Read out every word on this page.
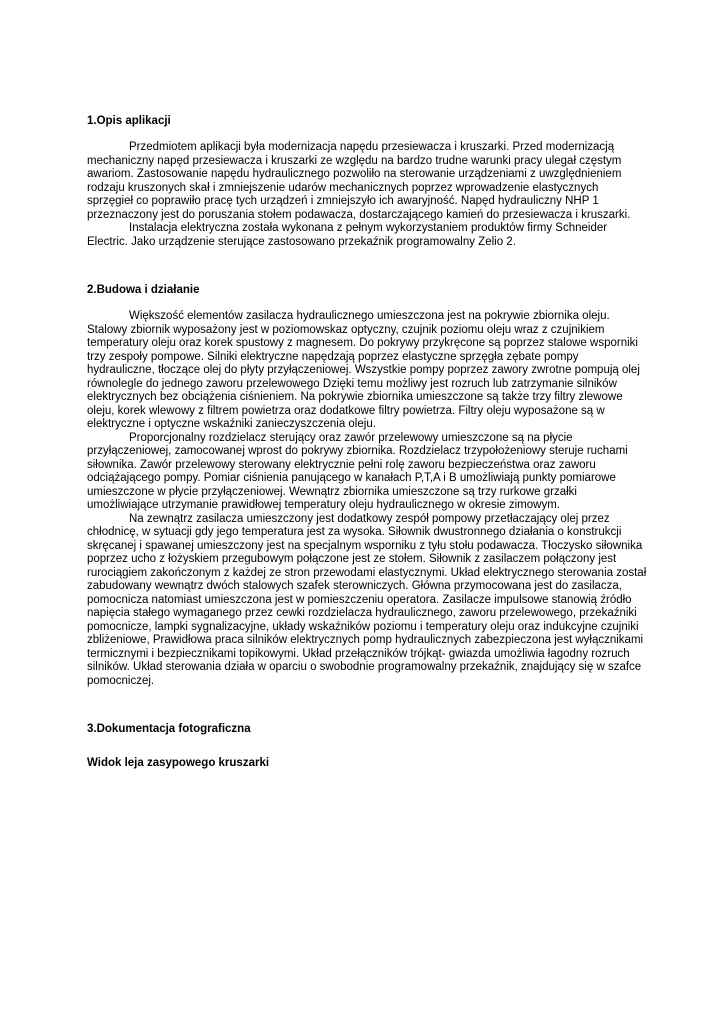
1.Opis aplikacji

Przedmiotem aplikacji była modernizacja napędu przesiewacza i kruszarki. Przed modernizacją mechaniczny napęd przesiewacza i kruszarki ze względu na bardzo trudne warunki pracy ulegał częstym awariom. Zastosowanie napędu hydraulicznego pozwoliło na sterowanie urządzeniami z uwzględnieniem rodzaju kruszonych skał i zmniejszenie udarów mechanicznych poprzez wprowadzenie elastycznych sprzęgieł co poprawiło pracę tych urządzeń i zmniejszyło ich awaryjność. Napęd hydrauliczny NHP 1 przeznaczony jest do poruszania stołem podawacza, dostarczającego kamień do przesiewacza i kruszarki.

Instalacja elektryczna została wykonana z pełnym wykorzystaniem produktów firmy Schneider Electric. Jako urządzenie sterujące zastosowano przekaźnik programowalny Zelio 2.

2.Budowa i działanie

Większość elementów zasilacza hydraulicznego umieszczona jest na pokrywie zbiornika oleju. Stalowy zbiornik wyposażony jest w poziomowskaz optyczny, czujnik poziomu oleju wraz z czujnikiem temperatury oleju oraz korek spustowy z magnesem. Do pokrywy przykręcone są poprzez stalowe wsporniki trzy zespoły pompowe. Silniki elektryczne napędzają poprzez elastyczne sprzęgła zębate pompy hydrauliczne, tłoczące olej do płyty przyłączeniowej. Wszystkie pompy poprzez zawory zwrotne pompują olej równolegle do jednego zaworu przelewowego Dzięki temu możliwy jest rozruch lub zatrzymanie silników elektrycznych bez obciążenia ciśnieniem. Na pokrywie zbiornika umieszczone są także trzy filtry zlewowe oleju, korek wlewowy z filtrem powietrza oraz dodatkowe filtry powietrza. Filtry oleju wyposażone są w elektryczne i optyczne wskaźniki zanieczyszczenia oleju.

Proporcjonalny rozdzielacz sterujący oraz zawór przelewowy umieszczone są na płycie przyłączeniowej, zamocowanej wprost do pokrywy zbiornika. Rozdzielacz trzypołożeniowy steruje ruchami siłownika. Zawór przelewowy sterowany elektrycznie pełni rolę zaworu bezpieczeństwa oraz zaworu odciążającego pompy. Pomiar ciśnienia panującego w kanałach P,T,A i B umożliwiają punkty pomiarowe umieszczone w płycie przyłączeniowej. Wewnątrz zbiornika umieszczone są trzy rurkowe grzałki umożliwiające utrzymanie prawidłowej temperatury oleju hydraulicznego w okresie zimowym.

Na zewnątrz zasilacza umieszczony jest dodatkowy zespół pompowy przetłaczający olej przez chłodnicę, w sytuacji gdy jego temperatura jest za wysoka. Siłownik dwustronnego działania o konstrukcji skręcanej i spawanej umieszczony jest na specjalnym wsporniku z tyłu stołu podawacza. Tłoczysko siłownika poprzez ucho z łożyskiem przegubowym połączone jest ze stołem. Siłownik z zasilaczem połączony jest rurociągiem zakończonym z każdej ze stron przewodami elastycznymi. Układ elektrycznego sterowania został zabudowany wewnątrz dwóch stalowych szafek sterowniczych. Główna przymocowana jest do zasilacza, pomocnicza natomiast umieszczona jest w pomieszczeniu operatora. Zasilacze impulsowe stanowią źródło napięcia stałego wymaganego przez cewki rozdzielacza hydraulicznego, zaworu przelewowego, przekaźniki pomocnicze, lampki sygnalizacyjne, układy wskaźników poziomu i temperatury oleju oraz indukcyjne czujniki zbliżeniowe, Prawidłowa praca silników elektrycznych pomp hydraulicznych zabezpieczona jest wyłącznikami termicznymi i bezpiecznikami topikowymi. Układ przełączników trójkąt- gwiazda umożliwia łagodny rozruch silników. Układ sterowania działa w oparciu o swobodnie programowalny przekaźnik, znajdujący się w szafce pomocniczej.

3.Dokumentacja fotograficzna

Widok leja zasypowego kruszarki
